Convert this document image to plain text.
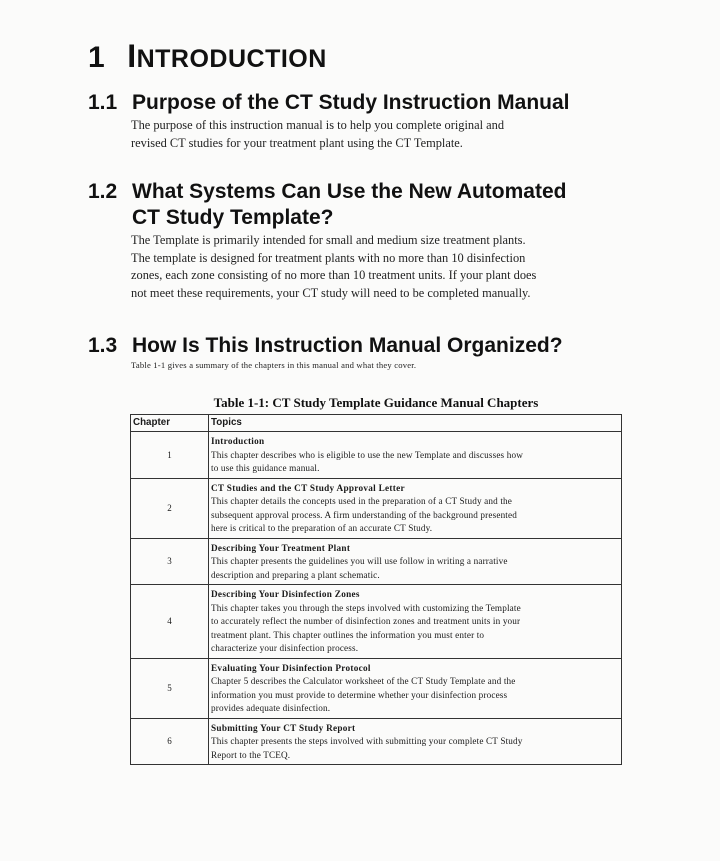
1 INTRODUCTION
1.1 Purpose of the CT Study Instruction Manual
The purpose of this instruction manual is to help you complete original and
revised CT studies for your treatment plant using the CT Template.
1.2 What Systems Can Use the New Automated
CT Study Template?
The Template is primarily intended for small and medium size treatment plants.
The template is designed for treatment plants with no more than 10 disinfection
zones, each zone consisting of no more than 10 treatment units. If your plant does
not meet these requirements, your CT study will need to be completed manually.
1.3 How Is This Instruction Manual Organized?
Table 1-1 gives a summary of the chapters in this manual and what they cover.
Table 1-1: CT Study Template Guidance Manual Chapters
Chapter	Topics
1	Introduction
This chapter describes who is eligible to use the new Template and discusses how
to use this guidance manual.

2	CT Studies and the CT Study Approval Letter
This chapter details the concepts used in the preparation of a CT Study and the
subsequent approval process. A firm understanding of the background presented
here is critical to the preparation of an accurate CT Study.

3	Describing Your Treatment Plant
This chapter presents the guidelines you will use follow in writing a narrative
description and preparing a plant schematic.

4	Describing Your Disinfection Zones
This chapter takes you through the steps involved with customizing the Template
to accurately reflect the number of disinfection zones and treatment units in your
treatment plant. This chapter outlines the information you must enter to
characterize your disinfection process.

5	Evaluating Your Disinfection Protocol
Chapter 5 describes the Calculator worksheet of the CT Study Template and the
information you must provide to determine whether your disinfection process
provides adequate disinfection.

6	Submitting Your CT Study Report
This chapter presents the steps involved with submitting your complete CT Study
Report to the TCEQ.
